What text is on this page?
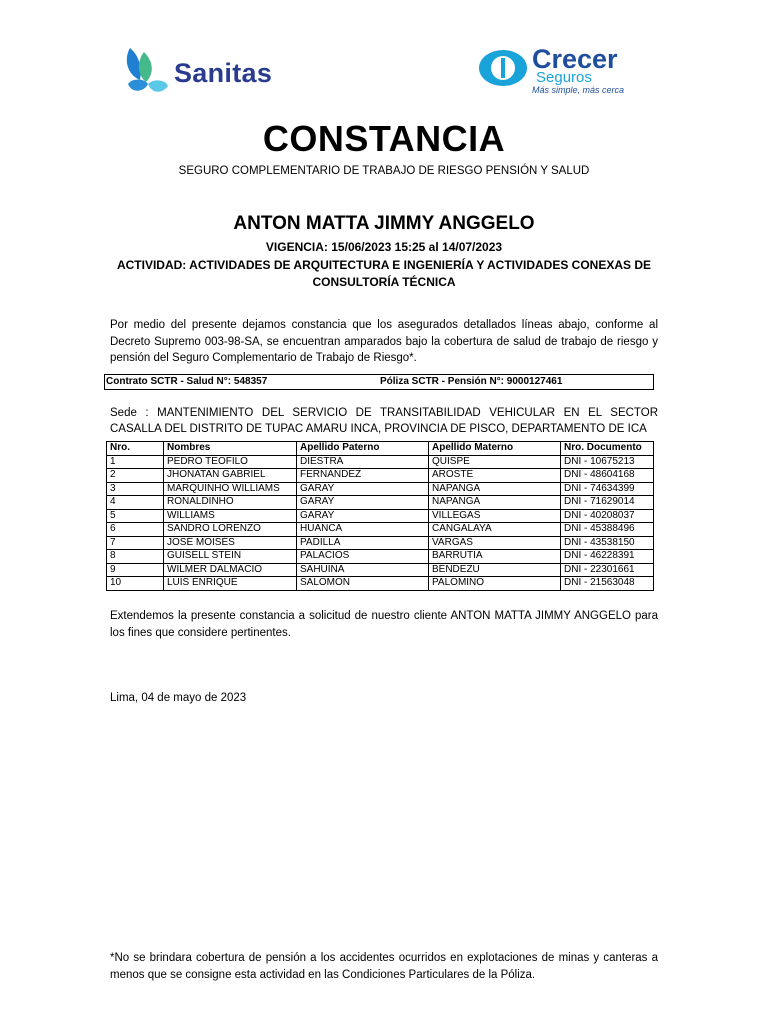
Sanitas	Crecer
Seguros
Más simple, más cerca
CONSTANCIA
SEGURO COMPLEMENTARIO DE TRABAJO DE RIESGO PENSIÓN Y SALUD
ANTON MATTA JIMMY ANGGELO
VIGENCIA: 15/06/2023 15:25 al 14/07/2023
ACTIVIDAD: ACTIVIDADES DE ARQUITECTURA E INGENIERÍA Y ACTIVIDADES CONEXAS DE CONSULTORÍA TÉCNICA
Por medio del presente dejamos constancia que los asegurados detallados líneas abajo, conforme al Decreto Supremo 003-98-SA, se encuentran amparados bajo la cobertura de salud de trabajo de riesgo y pensión del Seguro Complementario de Trabajo de Riesgo*.
Contrato SCTR - Salud N°: 548357	Póliza SCTR - Pensión N°: 9000127461
Sede : MANTENIMIENTO DEL SERVICIO DE TRANSITABILIDAD VEHICULAR EN EL SECTOR CASALLA DEL DISTRITO DE TUPAC AMARU INCA, PROVINCIA DE PISCO, DEPARTAMENTO DE ICA
Nro.	Nombres	Apellido Paterno	Apellido Materno	Nro. Documento
1	PEDRO TEOFILO	DIESTRA	QUISPE	DNI - 10675213
2	JHONATAN GABRIEL	FERNANDEZ	AROSTE	DNI - 48604168
3	MARQUINHO WILLIAMS	GARAY	NAPANGA	DNI - 74634399
4	RONALDINHO	GARAY	NAPANGA	DNI - 71629014
5	WILLIAMS	GARAY	VILLEGAS	DNI - 40208037
6	SANDRO LORENZO	HUANCA	CANGALAYA	DNI - 45388496
7	JOSÉ MOISÉS	PADILLA	VARGAS	DNI - 43538150
8	GUISELL STEIN	PALACIOS	BARRUTIA	DNI - 46228391
9	WILMER DALMACIO	SAHUIÑA	BENDEZU	DNI - 22301661
10	LUIS ENRIQUE	SALOMON	PALOMINO	DNI - 21563048
Extendemos la presente constancia a solicitud de nuestro cliente ANTON MATTA JIMMY ANGGELO para los fines que considere pertinentes.
Lima, 04 de mayo de 2023
*No se brindara cobertura de pensión a los accidentes ocurridos en explotaciones de minas y canteras a menos que se consigne esta actividad en las Condiciones Particulares de la Póliza.
